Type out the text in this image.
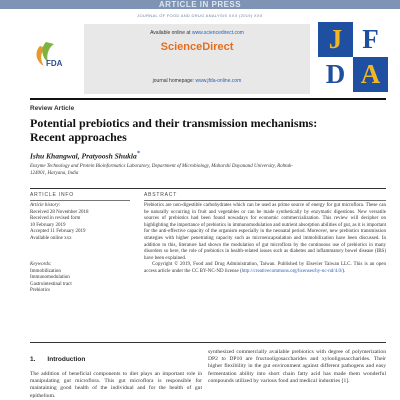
ARTICLE IN PRESS
JOURNAL OF FOOD AND DRUG ANALYSIS XXX (2019) XXX
FDA
Available online at www.sciencedirect.com
ScienceDirect
journal homepage: www.jfda-online.com
J F
D A
Review Article
Potential prebiotics and their transmission mechanisms: Recent approaches
Ishu Khangwal, Pratyoosh Shukla*
Enzyme Technology and Protein Bioinformatics Laboratory, Department of Microbiology, Maharshi Dayanand University, Rohtak-124001, Haryana, India
ARTICLE INFO	ABSTRACT
Article history:
Received 28 November 2018
Received in revised form
10 February 2019
Accepted 11 February 2019
Available online xxx
Keywords:
Immobilization
Immunomodulation
Gastrointestinal tract
Prebiotics

Prebiotics are non-digestible carbohydrates which can be used as prime source of energy for gut microflora. These can be naturally occurring in fruit and vegetables or can be made synthetically by enzymatic digestions. New versatile sources of prebiotics had been found nowadays for economic commercialization. This review will decipher on highlighting the importance of prebiotics in immunomodulation and nutrient absorption abilities of gut, as it is important for the anti-effective capacity of the organism especially in the neonatal period. Moreover, new prebiotics transmission strategies with higher penetrating capacity such as microencapsulation and immobilization have been discussed. In addition to this, literature had shown the modulation of gut microflora by the continuous use of prebiotics in many disorders so here, the role of prebiotics in health-related issues such as diabetes and inflammatory bowel disease (IBS) have been explained.

Copyright © 2019, Food and Drug Administration, Taiwan. Published by Elsevier Taiwan LLC. This is an open access article under the CC BY-NC-ND license (http://creativecommons.org/licenses/by-nc-nd/4.0/).

1. Introduction
The addition of beneficial components to diet plays an important role in manipulating gut microflora. This gut microflora is responsible for maintaining good health of the individual and for the health of gut epithelium.
synthesized commercially available prebiotics with degree of polymerization DP2 to DP10 are fructooligosaccharides and xylooligosaccharides. Their higher flexibility in the gut environment against different pathogens and easy fermentation ability into short chain fatty acid has made them wonderful compounds utilized by various food and medical industries [1].
